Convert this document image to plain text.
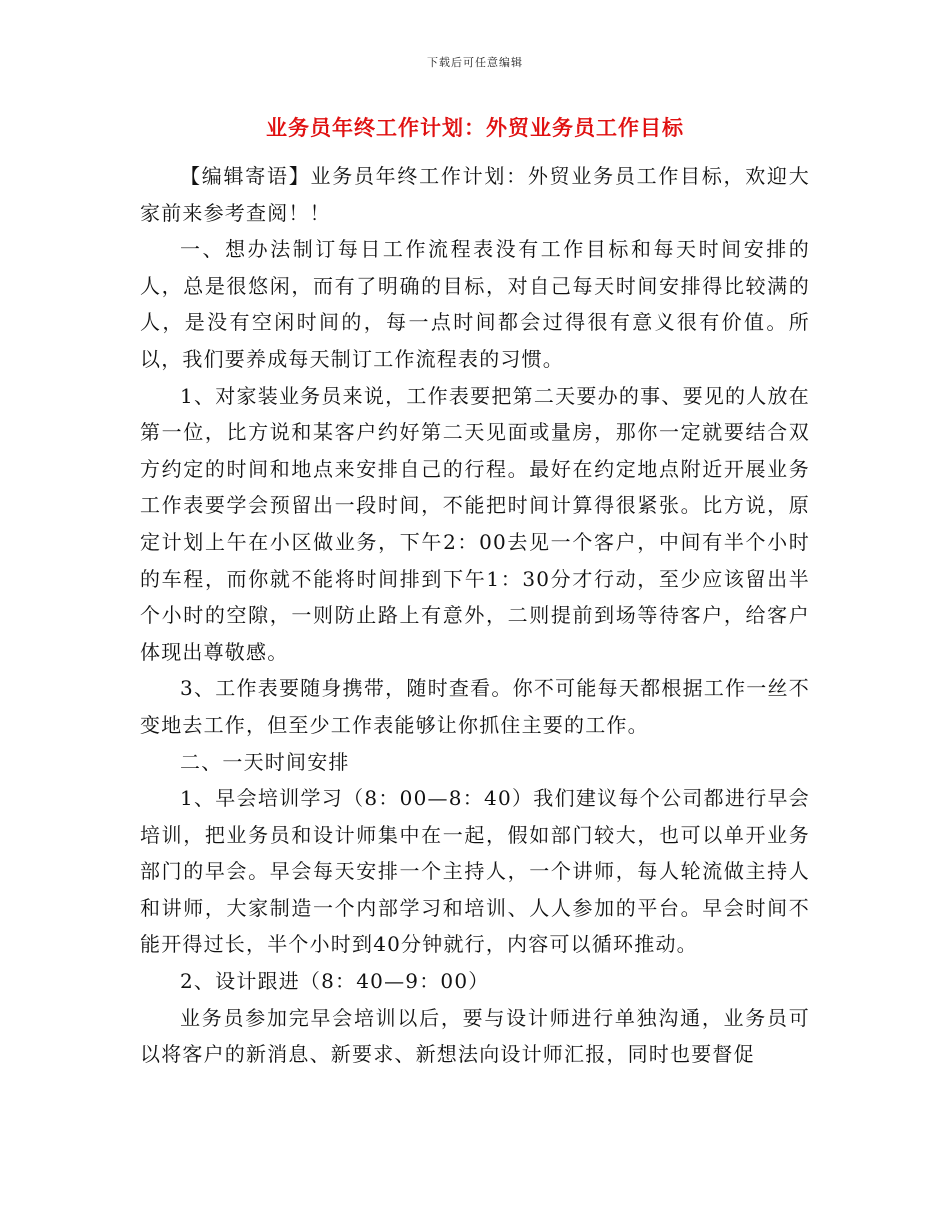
下载后可任意编辑
业务员年终工作计划：外贸业务员工作目标

【编辑寄语】业务员年终工作计划：外贸业务员工作目标，欢迎大家前来参考查阅！！

一、想办法制订每日工作流程表没有工作目标和每天时间安排的人，总是很悠闲，而有了明确的目标，对自己每天时间安排得比较满的人，是没有空闲时间的，每一点时间都会过得很有意义很有价值。所以，我们要养成每天制订工作流程表的习惯。

1、对家装业务员来说，工作表要把第二天要办的事、要见的人放在第一位，比方说和某客户约好第二天见面或量房，那你一定就要结合双方约定的时间和地点来安排自己的行程。最好在约定地点附近开展业务工作表要学会预留出一段时间，不能把时间计算得很紧张。比方说，原定计划上午在小区做业务，下午2：00去见一个客户，中间有半个小时的车程，而你就不能将时间排到下午1：30分才行动，至少应该留出半个小时的空隙，一则防止路上有意外，二则提前到场等待客户，给客户体现出尊敬感。

3、工作表要随身携带，随时查看。你不可能每天都根据工作一丝不变地去工作，但至少工作表能够让你抓住主要的工作。

二、一天时间安排

1、早会培训学习（8：00—8：40）我们建议每个公司都进行早会培训，把业务员和设计师集中在一起，假如部门较大，也可以单开业务部门的早会。早会每天安排一个主持人，一个讲师，每人轮流做主持人和讲师，大家制造一个内部学习和培训、人人参加的平台。早会时间不能开得过长，半个小时到40分钟就行，内容可以循环推动。

2、设计跟进（8：40—9：00）

业务员参加完早会培训以后，要与设计师进行单独沟通，业务员可以将客户的新消息、新要求、新想法向设计师汇报，同时也要督促
